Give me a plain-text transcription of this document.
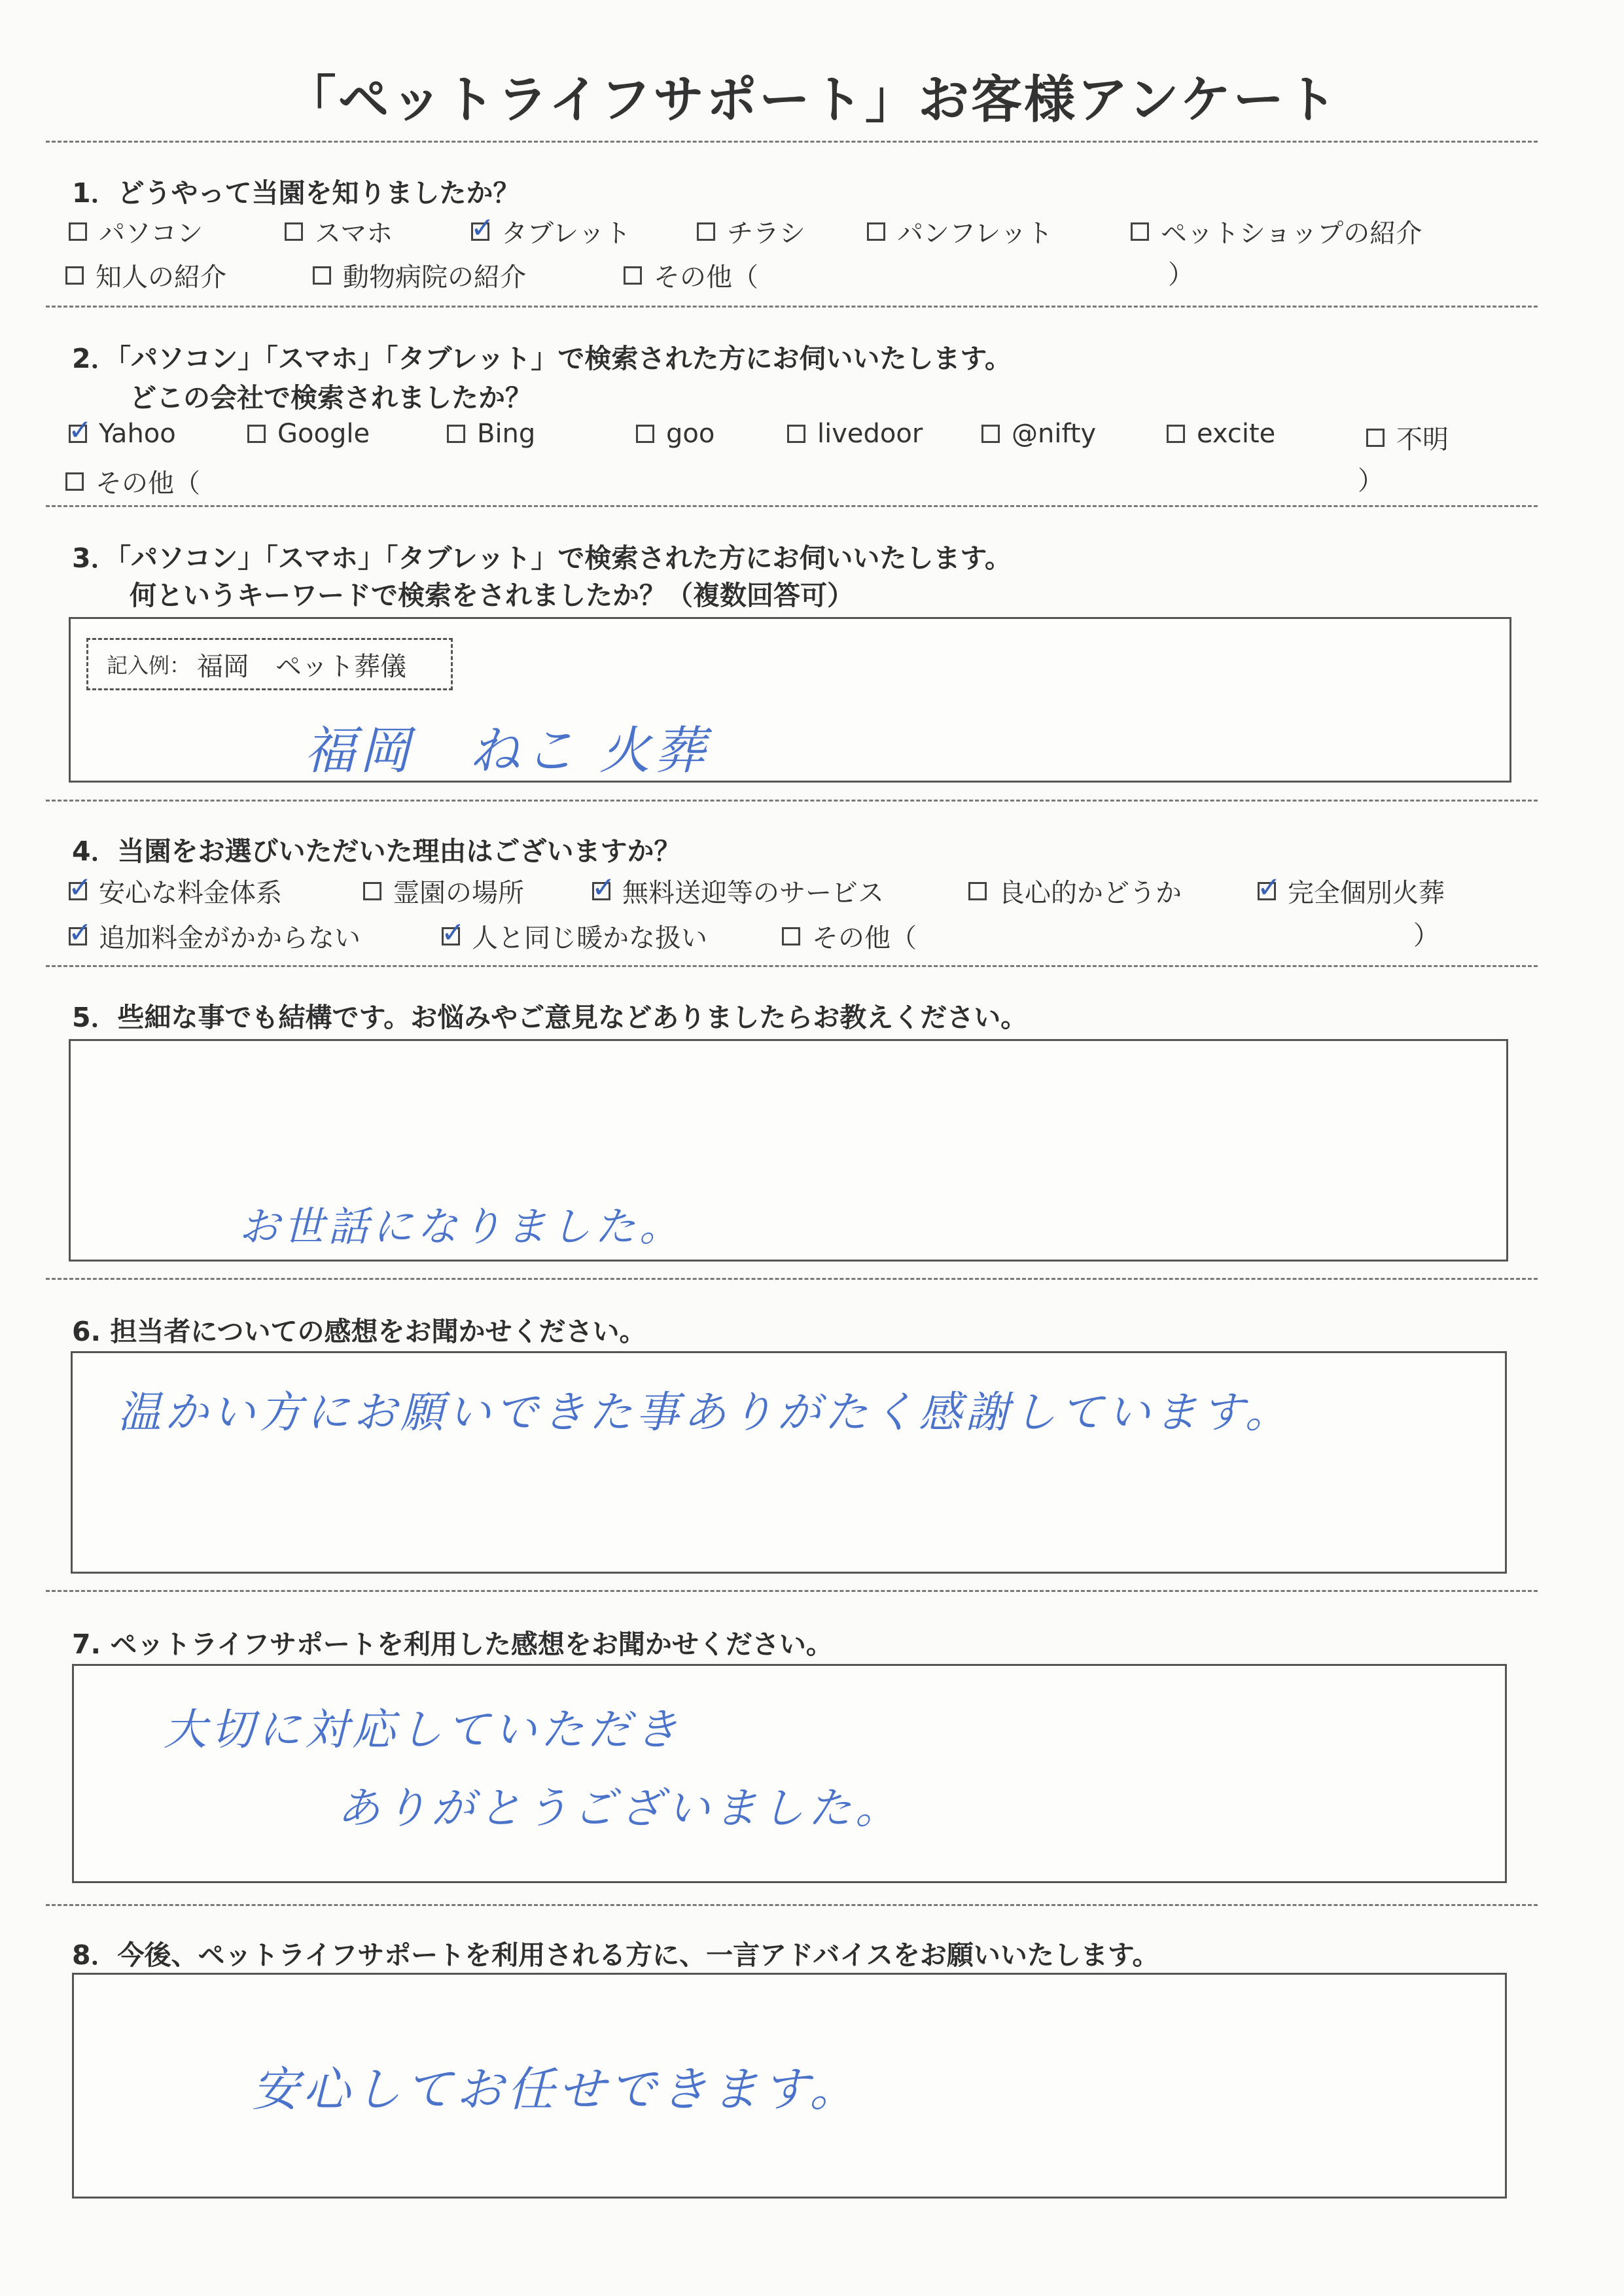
「ペットライフサポート」お客様アンケート
1．どうやって当園を知りましたか？
パソコン	スマホ	✓ タブレット	チラシ	パンフレット	ペットショップの紹介
知人の紹介	動物病院の紹介	その他（	）
2．「パソコン」「スマホ」「タブレット」で検索された方にお伺いいたします。
どこの会社で検索されましたか？
✓ Yahoo	Google	Bing	goo	livedoor	@nifty	excite	不明
その他（	）
3．「パソコン」「スマホ」「タブレット」で検索された方にお伺いいたします。
何というキーワードで検索をされましたか？（複数回答可）
記入例： 福岡　ペット葬儀
福岡　ねこ 火葬
4．当園をお選びいただいた理由はございますか？
✓ 安心な料金体系	霊園の場所 ✓ 無料送迎等のサービス	良心的かどうか	✓ 完全個別火葬
✓ 追加料金がかからない	✓ 人と同じ暖かな扱い	その他（	）
5．些細な事でも結構です。お悩みやご意見などありましたらお教えください。
お世話になりました。
6. 担当者についての感想をお聞かせください。
温かい方にお願いできた事ありがたく感謝しています。
7. ペットライフサポートを利用した感想をお聞かせください。
大切に対応していただき
ありがとうございました。
8．今後、ペットライフサポートを利用される方に、一言アドバイスをお願いいたします。
安心してお任せできます。
